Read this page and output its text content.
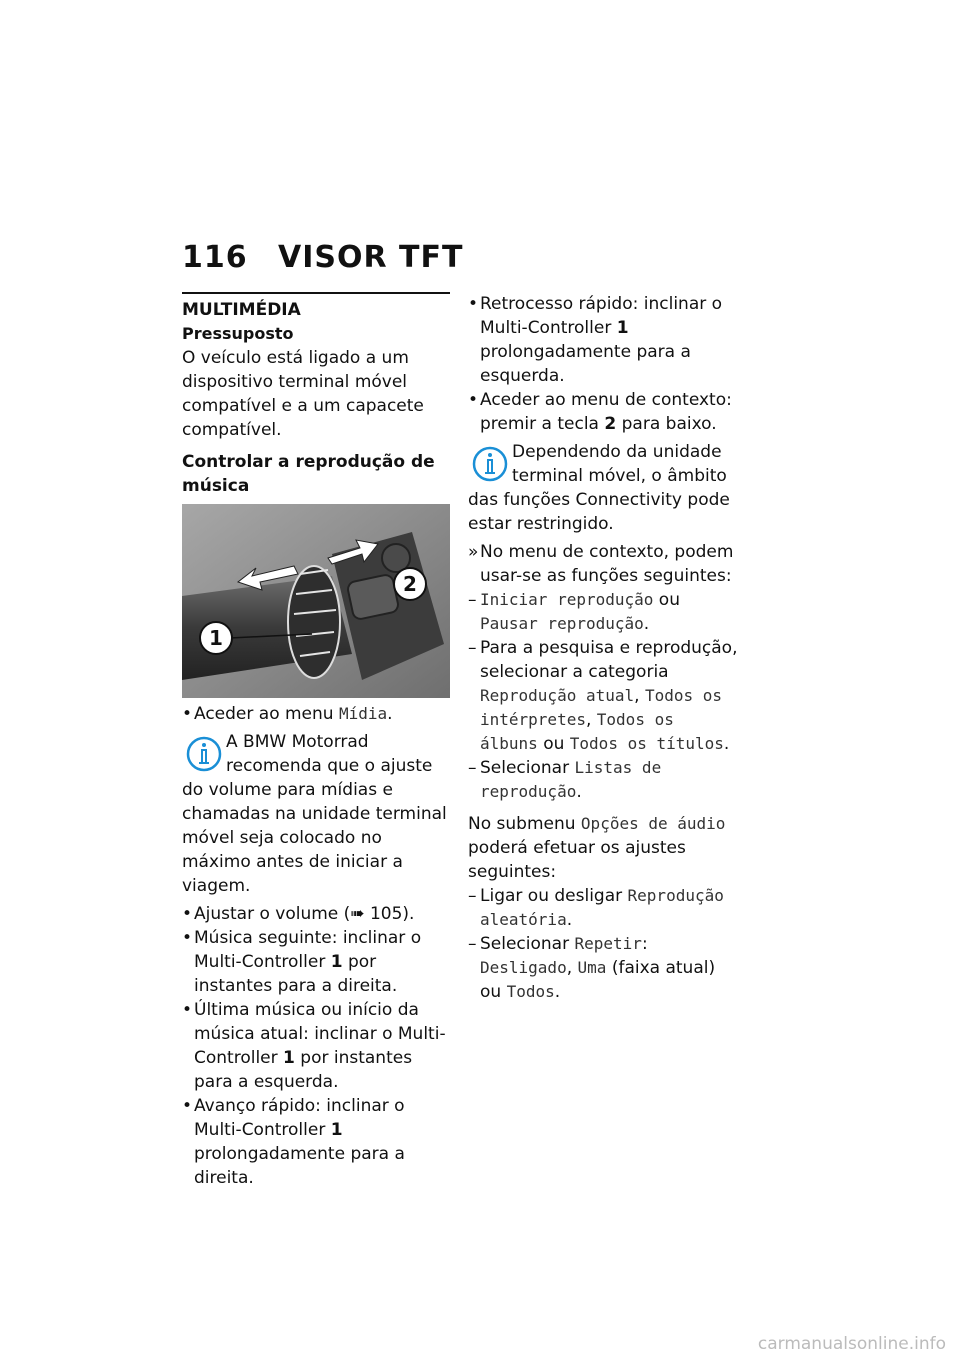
116 VISOR TFT
MULTIMÉDIA
Pressuposto

O veículo está ligado a um dispositivo terminal móvel compatível e a um capacete compatível.

Controlar a reprodução de música
2
1
• Aceder ao menu Mídia.

A BMW Motorrad recomenda que o ajuste do volume para mídias e chamadas na unidade terminal móvel seja colocado no máximo antes de iniciar a viagem.

• Ajustar o volume (➠ 105).
• Música seguinte: inclinar o Multi-Controller 1 por instantes para a direita.
• Última música ou início da música atual: inclinar o Multi-Controller 1 por instantes para a esquerda.
• Avanço rápido: inclinar o Multi-Controller 1 prolongadamente para a direita.
• Retrocesso rápido: inclinar o Multi-Controller 1 prolongadamente para a esquerda.
• Aceder ao menu de contexto: premir a tecla 2 para baixo.

Dependendo da unidade terminal móvel, o âmbito das funções Connectivity pode estar restringido.

» No menu de contexto, podem usar-se as funções seguintes:
– Iniciar reprodução ou Pausar reprodução.
– Para a pesquisa e reprodução, selecionar a categoria Reprodução atual, Todos os intérpretes, Todos os álbuns ou Todos os títulos.
– Selecionar Listas de reprodução.

No submenu Opções de áudio poderá efetuar os ajustes seguintes:

– Ligar ou desligar Reprodução aleatória.
– Selecionar Repetir: Desligado, Uma (faixa atual) ou Todos.
carmanualsonline.info
